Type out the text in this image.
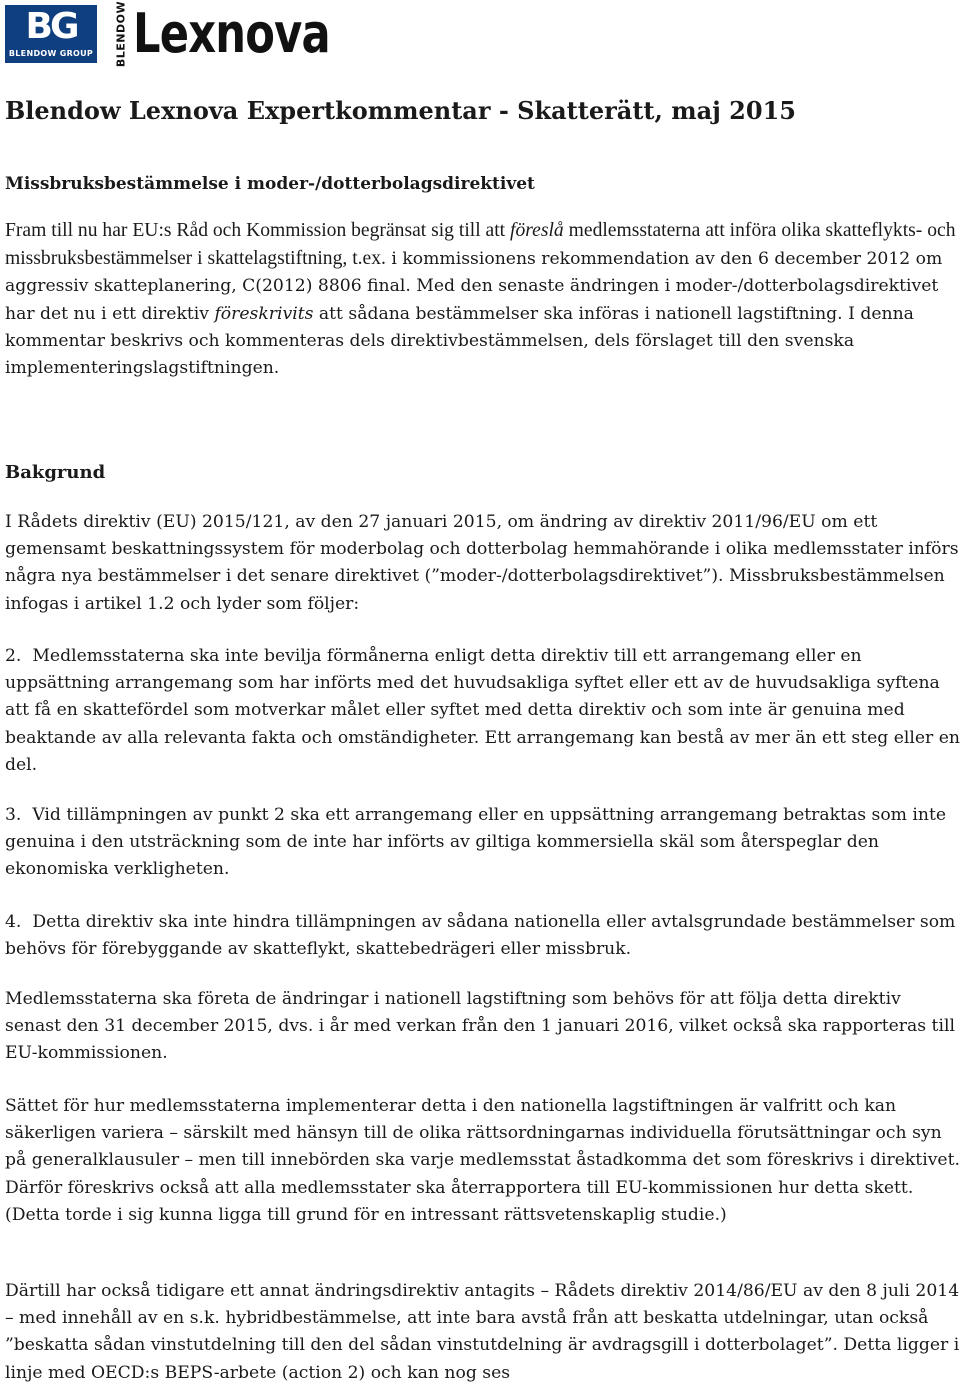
BG
BLENDOW GROUP	BLENDOW Lexnova
Blendow Lexnova Expertkommentar - Skatterätt, maj 2015
Missbruksbestämmelse i moder-/dotterbolagsdirektivet

Fram till nu har EU:s Råd och Kommission begränsat sig till att föreslå medlemsstaterna att införa olika skatteflykts- och missbruksbestämmelser i skattelagstiftning, t.ex. i kommissionens rekommendation av den 6 december 2012 om aggressiv skatteplanering, C(2012) 8806 final. Med den senaste ändringen i moder-/dotterbolagsdirektivet har det nu i ett direktiv föreskrivits att sådana bestämmelser ska införas i nationell lagstiftning. I denna kommentar beskrivs och kommenteras dels direktivbestämmelsen, dels förslaget till den svenska implementeringslagstiftningen.

Bakgrund

I Rådets direktiv (EU) 2015/121, av den 27 januari 2015, om ändring av direktiv 2011/96/EU om ett gemensamt beskattningssystem för moderbolag och dotterbolag hemmahörande i olika medlemsstater införs några nya bestämmelser i det senare direktivet (”moder-/dotterbolagsdirektivet”). Missbruksbestämmelsen infogas i artikel 1.2 och lyder som följer:

2.  Medlemsstaterna ska inte bevilja förmånerna enligt detta direktiv till ett arrangemang eller en uppsättning arrangemang som har införts med det huvudsakliga syftet eller ett av de huvudsakliga syftena att få en skattefördel som motverkar målet eller syftet med detta direktiv och som inte är genuina med beaktande av alla relevanta fakta och omständigheter. Ett arrangemang kan bestå av mer än ett steg eller en del.

3.  Vid tillämpningen av punkt 2 ska ett arrangemang eller en uppsättning arrangemang betraktas som inte genuina i den utsträckning som de inte har införts av giltiga kommersiella skäl som återspeglar den ekonomiska verkligheten.

4.  Detta direktiv ska inte hindra tillämpningen av sådana nationella eller avtalsgrundade bestämmelser som behövs för förebyggande av skatteflykt, skattebedrägeri eller missbruk.

Medlemsstaterna ska företa de ändringar i nationell lagstiftning som behövs för att följa detta direktiv senast den 31 december 2015, dvs. i år med verkan från den 1 januari 2016, vilket också ska rapporteras till EU-kommissionen.

Sättet för hur medlemsstaterna implementerar detta i den nationella lagstiftningen är valfritt och kan säkerligen variera – särskilt med hänsyn till de olika rättsordningarnas individuella förutsättningar och syn på generalklausuler – men till innebörden ska varje medlemsstat åstadkomma det som föreskrivs i direktivet. Därför föreskrivs också att alla medlemsstater ska återrapportera till EU-kommissionen hur detta skett. (Detta torde i sig kunna ligga till grund för en intressant rättsvetenskaplig studie.)

Därtill har också tidigare ett annat ändringsdirektiv antagits – Rådets direktiv 2014/86/EU av den 8 juli 2014 – med innehåll av en s.k. hybridbestämmelse, att inte bara avstå från att beskatta utdelningar, utan också ”beskatta sådan vinstutdelning till den del sådan vinstutdelning är avdragsgill i dotterbolaget”. Detta ligger i linje med OECD:s BEPS-arbete (action 2) och kan nog ses
